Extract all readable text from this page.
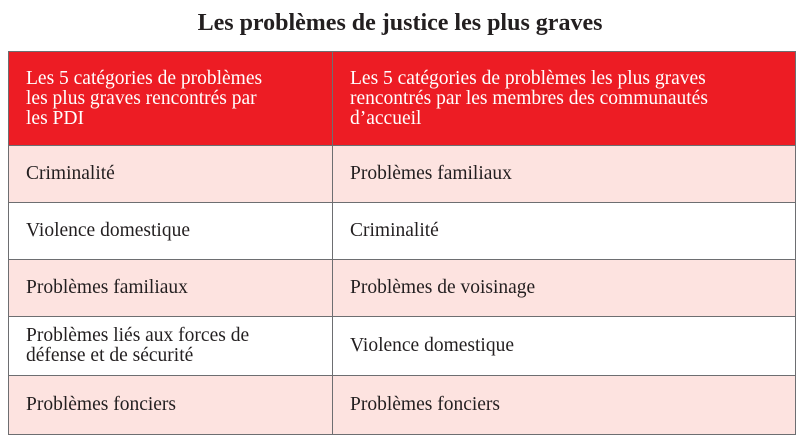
Les problèmes de justice les plus graves
Les 5 catégories de problèmes les plus graves rencontrés par les PDI	Les 5 catégories de problèmes les plus graves rencontrés par les membres des communautés d’accueil

Criminalité	Problèmes familiaux
Violence domestique	Criminalité
Problèmes familiaux	Problèmes de voisinage

Problèmes liés aux forces de défense et de sécurité	Violence domestique
Problèmes fonciers	Problèmes fonciers
